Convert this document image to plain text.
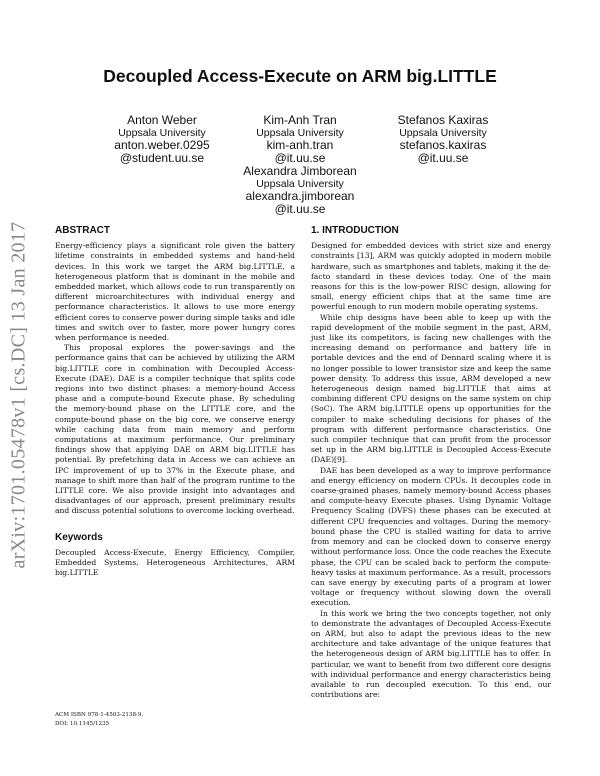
arXiv:1701.05478v1 [cs.DC] 13 Jan 2017
Decoupled Access-Execute on ARM big.LITTLE
Anton Weber
Uppsala University
anton.weber.0295
@student.uu.se
Kim-Anh Tran
Uppsala University
kim-anh.tran
@it.uu.se
Stefanos Kaxiras
Uppsala University
stefanos.kaxiras
@it.uu.se
Alexandra Jimborean
Uppsala University
alexandra.jimborean
@it.uu.se
ABSTRACT

Energy-efficiency plays a significant role given the battery lifetime constraints in embedded systems and hand-held devices. In this work we target the ARM big.LITTLE, a heterogeneous platform that is dominant in the mobile and embedded market, which allows code to run transparently on different microarchitectures with individual energy and performance characteristics. It allows to use more energy efficient cores to conserve power during simple tasks and idle times and switch over to faster, more power hungry cores when performance is needed.

This proposal explores the power-savings and the performance gains that can be achieved by utilizing the ARM big.LITTLE core in combination with Decoupled Access-Execute (DAE). DAE is a compiler technique that splits code regions into two distinct phases: a memory-bound Access phase and a compute-bound Execute phase. By scheduling the memory-bound phase on the LITTLE core, and the compute-bound phase on the big core, we conserve energy while caching data from main memory and perform computations at maximum performance. Our preliminary findings show that applying DAE on ARM big.LITTLE has potential. By prefetching data in Access we can achieve an IPC improvement of up to 37% in the Execute phase, and manage to shift more than half of the program runtime to the LITTLE core. We also provide insight into advantages and disadvantages of our approach, present preliminary results and discuss potential solutions to overcome locking overhead.

Keywords

Decoupled Access-Execute, Energy Efficiency, Compiler, Embedded Systems, Heterogeneous Architectures, ARM big.LITTLE

ACM ISBN 978-1-4503-2138-9.
DOI: 10.1145/1235
1. INTRODUCTION

Designed for embedded devices with strict size and energy constraints [13], ARM was quickly adopted in modern mobile hardware, such as smartphones and tablets, making it the de-facto standard in these devices today. One of the main reasons for this is the low-power RISC design, allowing for small, energy efficient chips that at the same time are powerful enough to run modern mobile operating systems.

While chip designs have been able to keep up with the rapid development of the mobile segment in the past, ARM, just like its competitors, is facing new challenges with the increasing demand on performance and battery life in portable devices and the end of Dennard scaling where it is no longer possible to lower transistor size and keep the same power density. To address this issue, ARM developed a new heterogeneous design named big.LITTLE that aims at combining different CPU designs on the same system on chip (SoC). The ARM big.LITTLE opens up opportunities for the compiler to make scheduling decisions for phases of the program with different performance characteristics. One such compiler technique that can profit from the processor set up in the ARM big.LITTLE is Decoupled Access-Execute (DAE)[9].

DAE has been developed as a way to improve performance and energy efficiency on modern CPUs. It decouples code in coarse-grained phases, namely memory-bound Access phases and compute-heavy Execute phases. Using Dynamic Voltage Frequency Scaling (DVFS) these phases can be executed at different CPU frequencies and voltages. During the memory-bound phase the CPU is stalled waiting for data to arrive from memory and can be clocked down to conserve energy without performance loss. Once the code reaches the Execute phase, the CPU can be scaled back to perform the compute-heavy tasks at maximum performance. As a result, processors can save energy by executing parts of a program at lower voltage or frequency without slowing down the overall execution.

In this work we bring the two concepts together, not only to demonstrate the advantages of Decoupled Access-Execute on ARM, but also to adapt the previous ideas to the new architecture and take advantage of the unique features that the heterogeneous design of ARM big.LITTLE has to offer. In particular, we want to benefit from two different core designs with individual performance and energy characteristics being available to run decoupled execution. To this end, our contributions are:
